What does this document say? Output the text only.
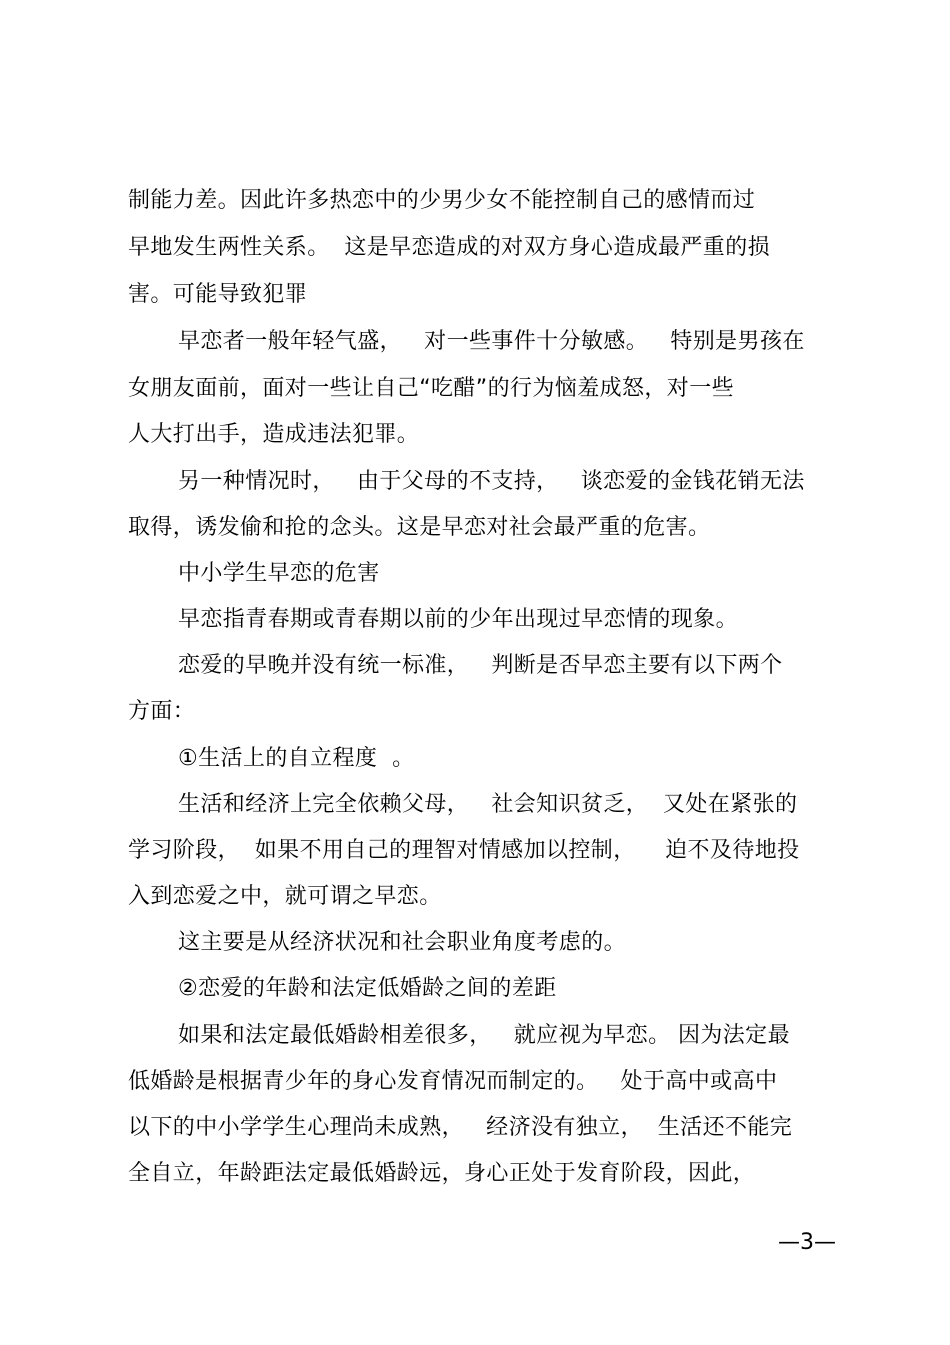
制能力差。因此许多热恋中的少男少女不能控制自己的感情而过
早地发生两性关系。  这是早恋造成的对双方身心造成最严重的损
害。可能导致犯罪
早恋者一般年轻气盛，   对一些事件十分敏感。   特别是男孩在
女朋友面前，面对一些让自己“吃醋”的行为恼羞成怒，对一些
人大打出手，造成违法犯罪。
另一种情况时，   由于父母的不支持，   谈恋爱的金钱花销无法
取得，诱发偷和抢的念头。这是早恋对社会最严重的危害。
中小学生早恋的危害
早恋指青春期或青春期以前的少年出现过早恋情的现象。
恋爱的早晚并没有统一标准，   判断是否早恋主要有以下两个
方面：
①生活上的自立程度  。
生活和经济上完全依赖父母，   社会知识贫乏，  又处在紧张的
学习阶段，  如果不用自己的理智对情感加以控制，    迫不及待地投
入到恋爱之中，就可谓之早恋。
这主要是从经济状况和社会职业角度考虑的。
②恋爱的年龄和法定低婚龄之间的差距
如果和法定最低婚龄相差很多，   就应视为早恋。 因为法定最
低婚龄是根据青少年的身心发育情况而制定的。   处于高中或高中
以下的中小学学生心理尚未成熟，   经济没有独立，  生活还不能完
全自立，年龄距法定最低婚龄远，身心正处于发育阶段，因此，
—3—
